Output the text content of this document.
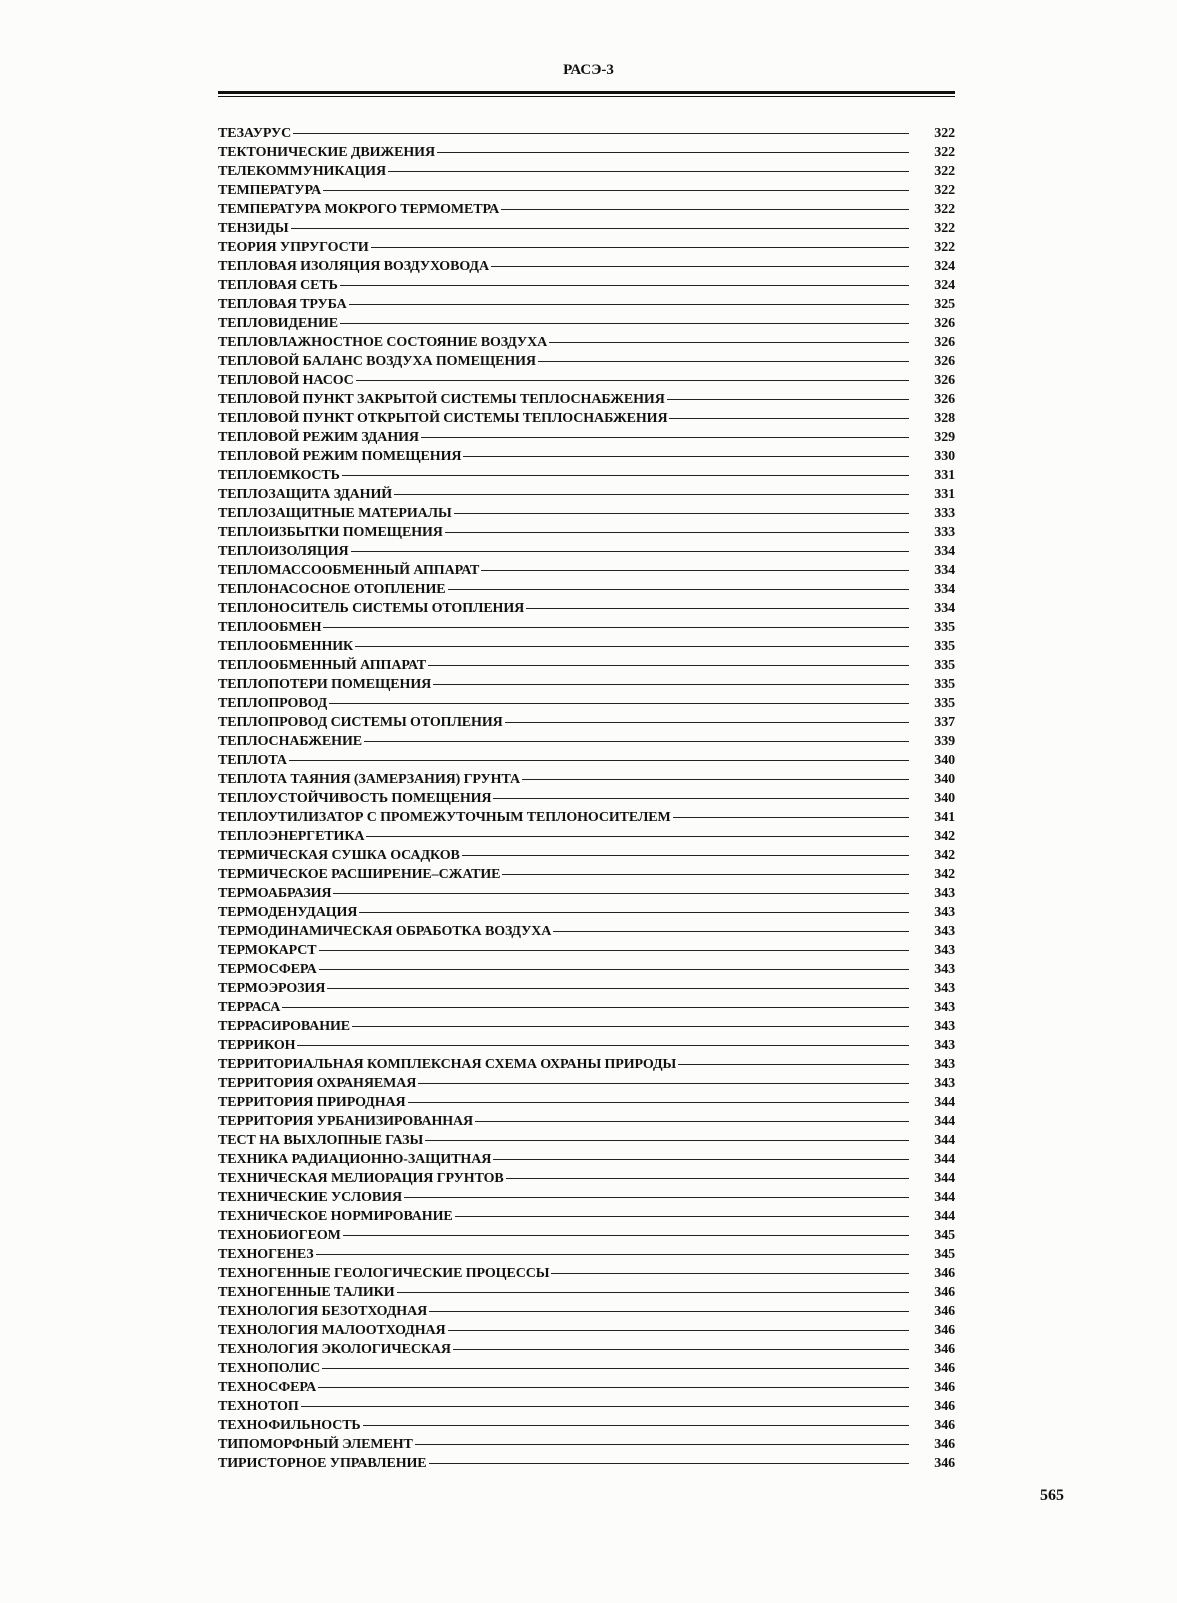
РАСЭ-3
ТЕЗАУРУС	322
ТЕКТОНИЧЕСКИЕ ДВИЖЕНИЯ	322
ТЕЛЕКОММУНИКАЦИЯ	322
ТЕМПЕРАТУРА	322
ТЕМПЕРАТУРА МОКРОГО ТЕРМОМЕТРА	322
ТЕНЗИДЫ	322
ТЕОРИЯ УПРУГОСТИ	322
ТЕПЛОВАЯ ИЗОЛЯЦИЯ ВОЗДУХОВОДА	324
ТЕПЛОВАЯ СЕТЬ	324
ТЕПЛОВАЯ ТРУБА	325
ТЕПЛОВИДЕНИЕ	326
ТЕПЛОВЛАЖНОСТНОЕ СОСТОЯНИЕ ВОЗДУХА	326
ТЕПЛОВОЙ БАЛАНС ВОЗДУХА ПОМЕЩЕНИЯ	326
ТЕПЛОВОЙ НАСОС	326
ТЕПЛОВОЙ ПУНКТ ЗАКРЫТОЙ СИСТЕМЫ ТЕПЛОСНАБЖЕНИЯ	326
ТЕПЛОВОЙ ПУНКТ ОТКРЫТОЙ СИСТЕМЫ ТЕПЛОСНАБЖЕНИЯ	328
ТЕПЛОВОЙ РЕЖИМ ЗДАНИЯ	329
ТЕПЛОВОЙ РЕЖИМ ПОМЕЩЕНИЯ	330
ТЕПЛОЕМКОСТЬ	331
ТЕПЛОЗАЩИТА ЗДАНИЙ	331
ТЕПЛОЗАЩИТНЫЕ МАТЕРИАЛЫ	333
ТЕПЛОИЗБЫТКИ ПОМЕЩЕНИЯ	333
ТЕПЛОИЗОЛЯЦИЯ	334
ТЕПЛОМАССООБМЕННЫЙ АППАРАТ	334
ТЕПЛОНАСОСНОЕ ОТОПЛЕНИЕ	334
ТЕПЛОНОСИТЕЛЬ СИСТЕМЫ ОТОПЛЕНИЯ	334
ТЕПЛООБМЕН	335
ТЕПЛООБМЕННИК	335
ТЕПЛООБМЕННЫЙ АППАРАТ	335
ТЕПЛОПОТЕРИ ПОМЕЩЕНИЯ	335
ТЕПЛОПРОВОД	335
ТЕПЛОПРОВОД СИСТЕМЫ ОТОПЛЕНИЯ	337
ТЕПЛОСНАБЖЕНИЕ	339
ТЕПЛОТА	340
ТЕПЛОТА ТАЯНИЯ (ЗАМЕРЗАНИЯ) ГРУНТА	340
ТЕПЛОУСТОЙЧИВОСТЬ ПОМЕЩЕНИЯ	340
ТЕПЛОУТИЛИЗАТОР С ПРОМЕЖУТОЧНЫМ ТЕПЛОНОСИТЕЛЕМ	341
ТЕПЛОЭНЕРГЕТИКА	342
ТЕРМИЧЕСКАЯ СУШКА ОСАДКОВ	342
ТЕРМИЧЕСКОЕ РАСШИРЕНИЕ–СЖАТИЕ	342
ТЕРМОАБРАЗИЯ	343
ТЕРМОДЕНУДАЦИЯ	343
ТЕРМОДИНАМИЧЕСКАЯ ОБРАБОТКА ВОЗДУХА	343
ТЕРМОКАРСТ	343
ТЕРМОСФЕРА	343
ТЕРМОЭРОЗИЯ	343
ТЕРРАСА	343
ТЕРРАСИРОВАНИЕ	343
ТЕРРИКОН	343
ТЕРРИТОРИАЛЬНАЯ КОМПЛЕКСНАЯ СХЕМА ОХРАНЫ ПРИРОДЫ	343
ТЕРРИТОРИЯ ОХРАНЯЕМАЯ	343
ТЕРРИТОРИЯ ПРИРОДНАЯ	344
ТЕРРИТОРИЯ УРБАНИЗИРОВАННАЯ	344
ТЕСТ НА ВЫХЛОПНЫЕ ГАЗЫ	344
ТЕХНИКА РАДИАЦИОННО-ЗАЩИТНАЯ	344
ТЕХНИЧЕСКАЯ МЕЛИОРАЦИЯ ГРУНТОВ	344
ТЕХНИЧЕСКИЕ УСЛОВИЯ	344
ТЕХНИЧЕСКОЕ НОРМИРОВАНИЕ	344
ТЕХНОБИОГЕОМ	345
ТЕХНОГЕНЕЗ	345
ТЕХНОГЕННЫЕ ГЕОЛОГИЧЕСКИЕ ПРОЦЕССЫ	346
ТЕХНОГЕННЫЕ ТАЛИКИ	346
ТЕХНОЛОГИЯ БЕЗОТХОДНАЯ	346
ТЕХНОЛОГИЯ МАЛООТХОДНАЯ	346
ТЕХНОЛОГИЯ ЭКОЛОГИЧЕСКАЯ	346
ТЕХНОПОЛИС	346
ТЕХНОСФЕРА	346
ТЕХНОТОП	346
ТЕХНОФИЛЬНОСТЬ	346
ТИПОМОРФНЫЙ ЭЛЕМЕНТ	346
ТИРИСТОРНОЕ УПРАВЛЕНИЕ	346
565
